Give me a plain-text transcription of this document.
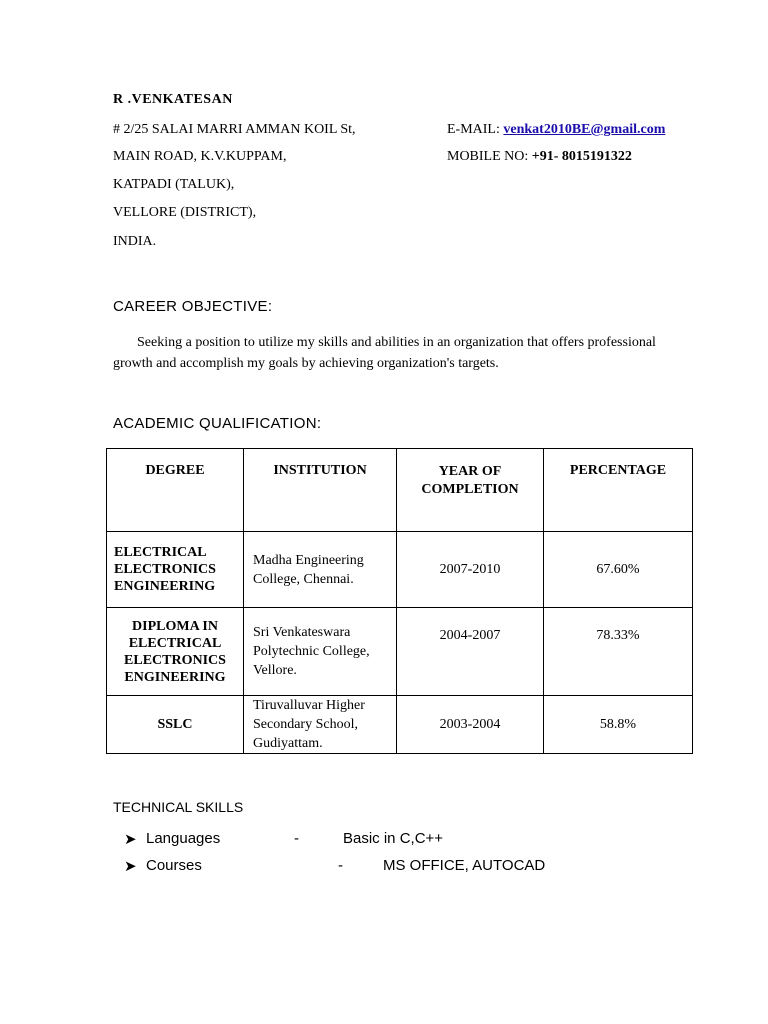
R .VENKATESAN
# 2/25 SALAI MARRI AMMAN KOIL St,
MAIN ROAD, K.V.KUPPAM,
KATPADI (TALUK),
VELLORE (DISTRICT),
INDIA.
E-MAIL: venkat2010BE@gmail.com
MOBILE NO: +91- 8015191322
CAREER OBJECTIVE:

Seeking a position to utilize my skills and abilities in an organization that offers professional growth and accomplish my goals by achieving organization's targets.

ACADEMIC QUALIFICATION:
DEGREE	INSTITUTION	YEAR OF COMPLETION	PERCENTAGE
ELECTRICAL ELECTRONICS ENGINEERING	Madha Engineering College, Chennai.	2007-2010	67.60%
DIPLOMA IN ELECTRICAL ELECTRONICS ENGINEERING	Sri Venkateswara Polytechnic College, Vellore.	2004-2007	78.33%
SSLC	Tiruvalluvar Higher Secondary School, Gudiyattam.	2003-2004	58.8%
TECHNICAL SKILLS
➤ Languages	-	Basic in C,C++
➤ Courses	-	MS OFFICE, AUTOCAD
